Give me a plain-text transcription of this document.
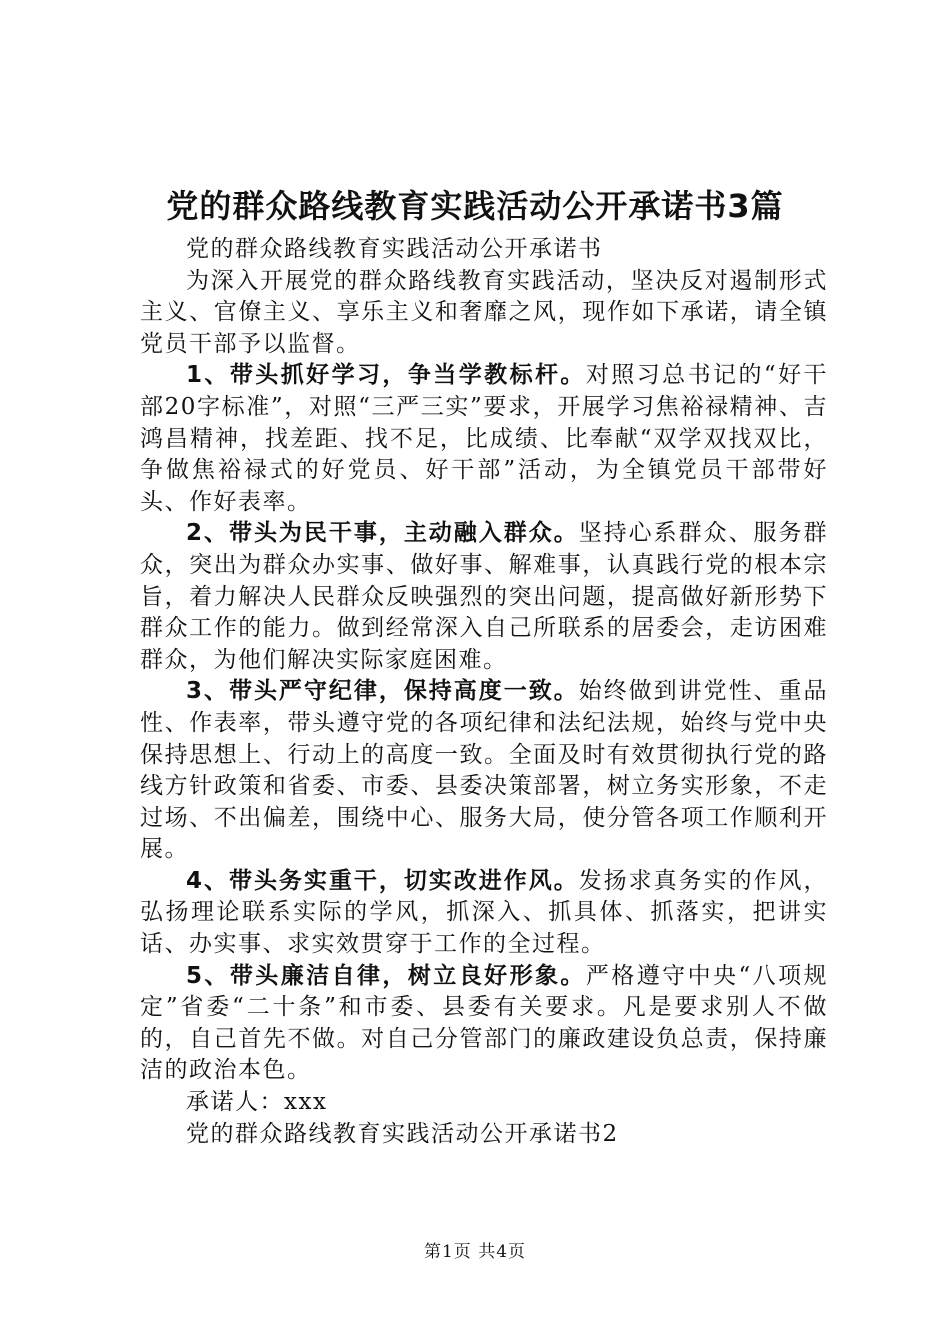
党的群众路线教育实践活动公开承诺书3篇

党的群众路线教育实践活动公开承诺书

为深入开展党的群众路线教育实践活动，坚决反对遏制形式主义、官僚主义、享乐主义和奢靡之风，现作如下承诺，请全镇党员干部予以监督。

1、带头抓好学习，争当学教标杆。对照习总书记的“好干部20字标准”，对照“三严三实”要求，开展学习焦裕禄精神、吉鸿昌精神，找差距、找不足，比成绩、比奉献“双学双找双比，争做焦裕禄式的好党员、好干部”活动，为全镇党员干部带好头、作好表率。

2、带头为民干事，主动融入群众。坚持心系群众、服务群众，突出为群众办实事、做好事、解难事，认真践行党的根本宗旨，着力解决人民群众反映强烈的突出问题，提高做好新形势下群众工作的能力。做到经常深入自己所联系的居委会，走访困难群众，为他们解决实际家庭困难。

3、带头严守纪律，保持高度一致。始终做到讲党性、重品性、作表率，带头遵守党的各项纪律和法纪法规，始终与党中央保持思想上、行动上的高度一致。全面及时有效贯彻执行党的路线方针政策和省委、市委、县委决策部署，树立务实形象，不走过场、不出偏差，围绕中心、服务大局，使分管各项工作顺利开展。

4、带头务实重干，切实改进作风。发扬求真务实的作风，弘扬理论联系实际的学风，抓深入、抓具体、抓落实，把讲实话、办实事、求实效贯穿于工作的全过程。

5、带头廉洁自律，树立良好形象。严格遵守中央“八项规定”省委“二十条”和市委、县委有关要求。凡是要求别人不做的，自己首先不做。对自己分管部门的廉政建设负总责，保持廉洁的政治本色。

承诺人：xxx

党的群众路线教育实践活动公开承诺书2

第1页 共4页
